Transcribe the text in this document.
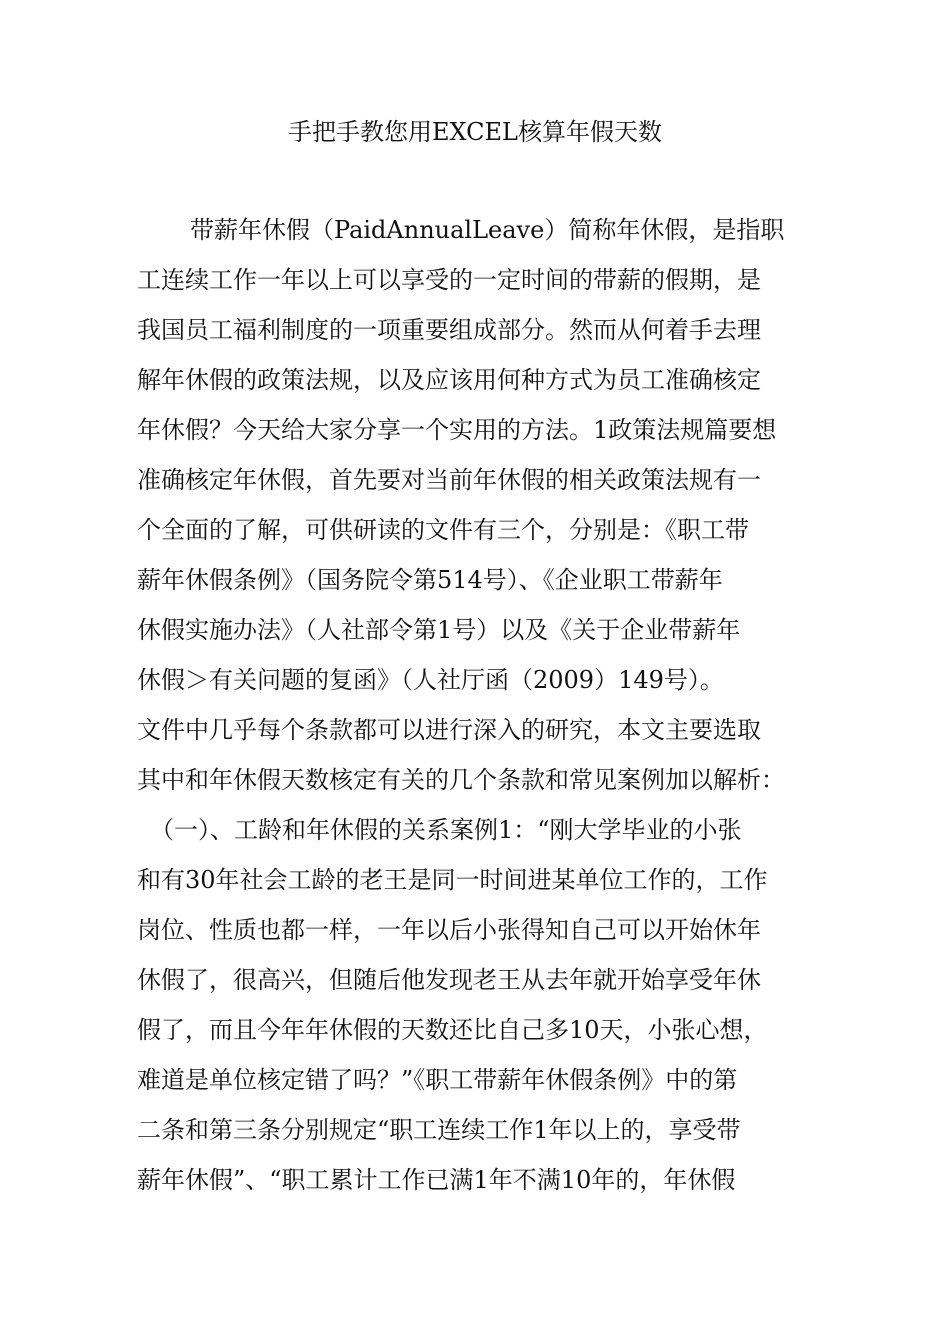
手把手教您用EXCEL核算年假天数
带薪年休假（PaidAnnualLeave）简称年休假，是指职
工连续工作一年以上可以享受的一定时间的带薪的假期，是
我国员工福利制度的一项重要组成部分。然而从何着手去理
解年休假的政策法规，以及应该用何种方式为员工准确核定
年休假？今天给大家分享一个实用的方法。1政策法规篇要想
准确核定年休假，首先要对当前年休假的相关政策法规有一
个全面的了解，可供研读的文件有三个，分别是：《职工带
薪年休假条例》（国务院令第514号）、《企业职工带薪年
休假实施办法》（人社部令第1号）以及《关于企业带薪年
休假＞有关问题的复函》（人社厅函（2009）149号）。
文件中几乎每个条款都可以进行深入的研究，本文主要选取
其中和年休假天数核定有关的几个条款和常见案例加以解析：
（一）、工龄和年休假的关系案例1：“刚大学毕业的小张
和有30年社会工龄的老王是同一时间进某单位工作的，工作
岗位、性质也都一样，一年以后小张得知自己可以开始休年
休假了，很高兴，但随后他发现老王从去年就开始享受年休
假了，而且今年年休假的天数还比自己多10天，小张心想，
难道是单位核定错了吗？”《职工带薪年休假条例》中的第
二条和第三条分别规定“职工连续工作1年以上的，享受带
薪年休假”、“职工累计工作已满1年不满10年的，年休假
